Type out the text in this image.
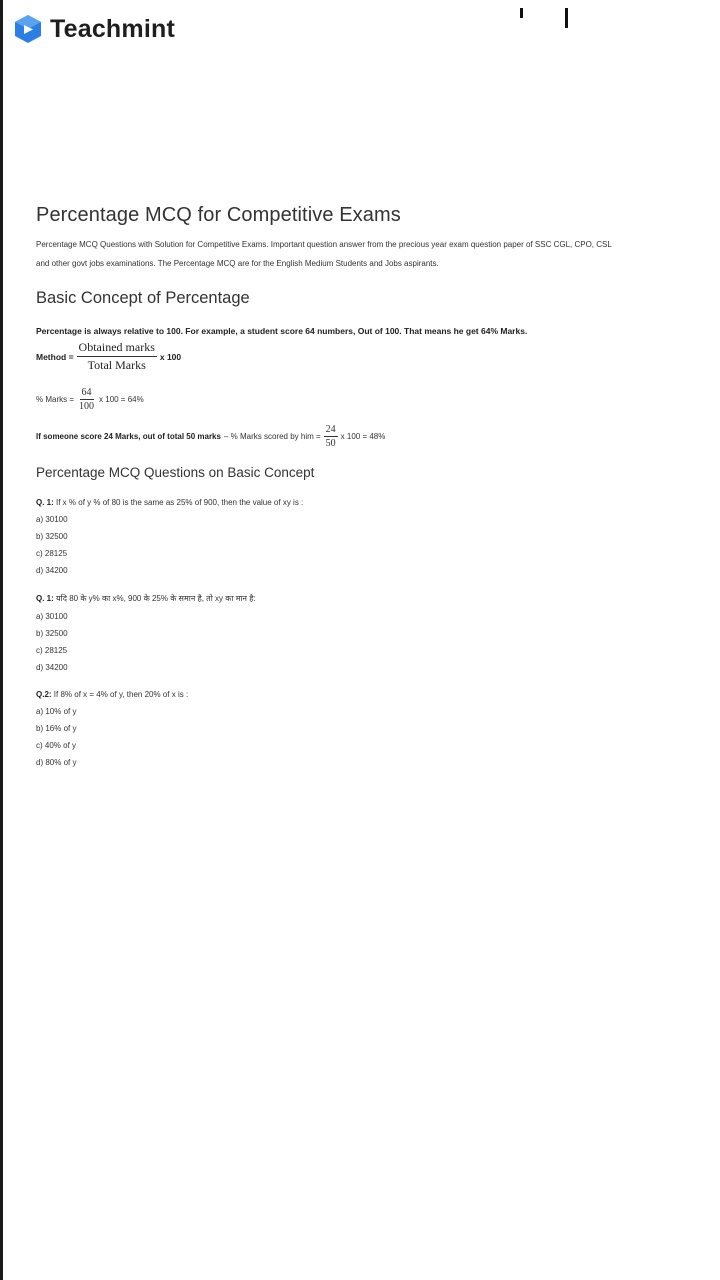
Teachmint
Percentage MCQ for Competitive Exams
Percentage MCQ Questions with Solution for Competitive Exams. Important question answer from the precious year exam question paper of SSC CGL, CPO, CSL and other govt jobs examinations. The Percentage MCQ are for the English Medium Students and Jobs aspirants.
Basic Concept of Percentage
Percentage is always relative to 100. For example, a student score 64 numbers, Out of 100. That means he get 64% Marks.
Method = $\frac{\text{Obtained marks}}{\text{Total Marks}}$ x 100
% Marks = $\frac{64}{100}$ x 100 = 64%
If someone score 24 Marks, out of total 50 marks – % Marks scored by him = $\frac{24}{50}$ x 100 = 48%
Percentage MCQ Questions on Basic Concept
Q. 1: If x % of y % of 80 is the same as 25% of 900, then the value of xy is :
a) 30100
b) 32500
c) 28125
d) 34200
Q. 1: यदि 80 के y% का x%, 900 के 25% के समान है, तो xy का मान है:
a) 30100
b) 32500
c) 28125
d) 34200
Q.2: If 8% of x = 4% of y, then 20% of x is :
a) 10% of y
b) 16% of y
c) 40% of y
d) 80% of y
